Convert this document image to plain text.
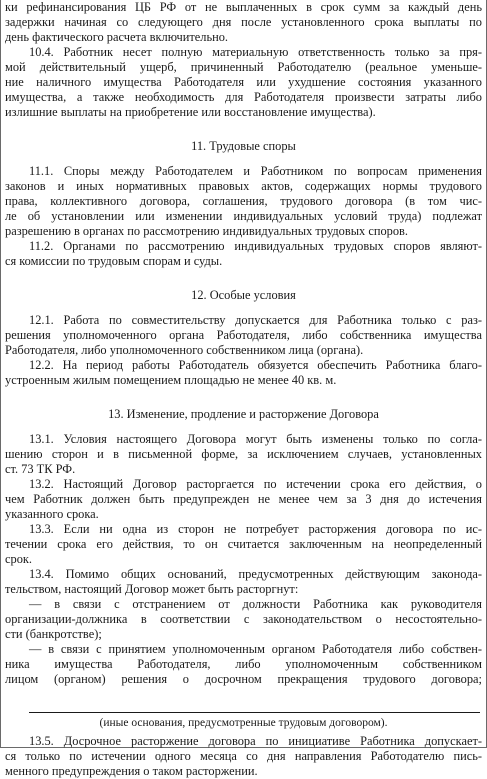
ки рефинансирования ЦБ РФ от не выплаченных в срок сумм за каждый день
задержки начиная со следующего дня после установленного срока выплаты по
день фактического расчета включительно.
10.4. Работник несет полную материальную ответственность только за пря-
мой действительный ущерб, причиненный Работодателю (реальное уменьше-
ние наличного имущества Работодателя или ухудшение состояния указанного
имущества, а также необходимость для Работодателя произвести затраты либо
излишние выплаты на приобретение или восстановление имущества).
11. Трудовые споры
11.1. Споры между Работодателем и Работником по вопросам применения
законов и иных нормативных правовых актов, содержащих нормы трудового
права, коллективного договора, соглашения, трудового договора (в том чис-
ле об установлении или изменении индивидуальных условий труда) подлежат
разрешению в органах по рассмотрению индивидуальных трудовых споров.
11.2. Органами по рассмотрению индивидуальных трудовых споров являют-
ся комиссии по трудовым спорам и суды.
12. Особые условия
12.1. Работа по совместительству допускается для Работника только с раз-
решения уполномоченного органа Работодателя, либо собственника имущества
Работодателя, либо уполномоченного собственником лица (органа).
12.2. На период работы Работодатель обязуется обеспечить Работника благо-
устроенным жилым помещением площадью не менее 40 кв. м.
13. Изменение, продление и расторжение Договора
13.1. Условия настоящего Договора могут быть изменены только по согла-
шению сторон и в письменной форме, за исключением случаев, установленных
ст. 73 ТК РФ.
13.2. Настоящий Договор расторгается по истечении срока его действия, о
чем Работник должен быть предупрежден не менее чем за 3 дня до истечения
указанного срока.
13.3. Если ни одна из сторон не потребует расторжения договора по ис-
течении срока его действия, то он считается заключенным на неопределенный
срок.
13.4. Помимо общих оснований, предусмотренных действующим законода-
тельством, настоящий Договор может быть расторгнут:
— в связи с отстранением от должности Работника как руководителя
организации-должника в соответствии с законодательством о несостоятельно-
сти (банкротстве);
— в связи с принятием уполномоченным органом Работодателя либо собствен-
ника имущества Работодателя, либо уполномоченным собственником
лицом (органом) решения о досрочном прекращения трудового договора;
(иные основания, предусмотренные трудовым договором).
13.5. Досрочное расторжение договора по инициативе Работника допускает-
ся только по истечении одного месяца со дня направления Работодателю пись-
менного предупреждения о таком расторжении.
